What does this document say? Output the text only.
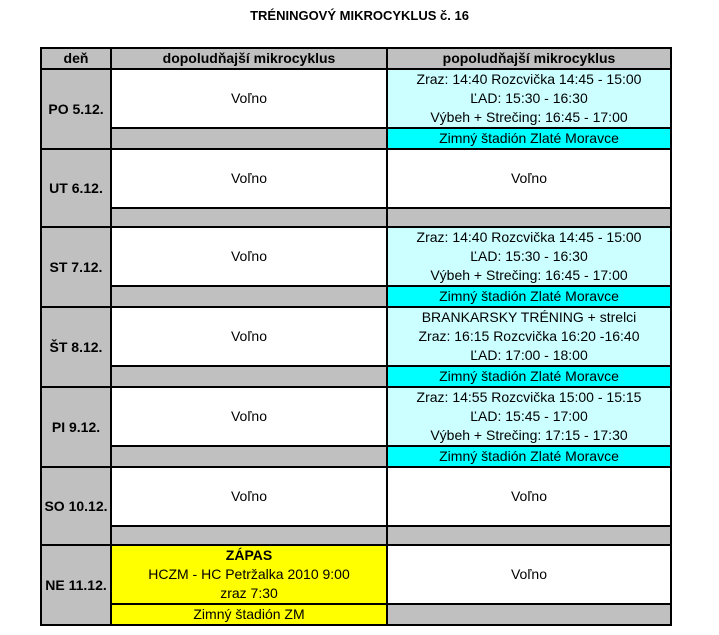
TRÉNINGOVÝ MIKROCYKLUS č. 16
deň	dopoludňajší mikrocyklus	popoludňajší mikrocyklus
PO 5.12.	Voľno	Zraz: 14:40 Rozcvička 14:45 - 15:00
ĽAD: 15:30 - 16:30
Výbeh + Strečing: 16:45 - 17:00

		Zimný štadión Zlaté Moravce
UT 6.12.	Voľno	Voľno

ST 7.12.	Voľno	Zraz: 14:40 Rozcvička 14:45 - 15:00
ĽAD: 15:30 - 16:30
Výbeh + Strečing: 16:45 - 17:00

		Zimný štadión Zlaté Moravce
ŠT 8.12.	Voľno	BRANKARSKY TRÉNING + strelci
Zraz: 16:15 Rozcvička 16:20 -16:40
ĽAD: 17:00 - 18:00

		Zimný štadión Zlaté Moravce
PI 9.12.	Voľno	Zraz: 14:55 Rozcvička 15:00 - 15:15
ĽAD: 15:45 - 17:00
Výbeh + Strečing: 17:15 - 17:30

		Zimný štadión Zlaté Moravce
SO 10.12.	Voľno	Voľno

NE 11.12.	ZÁPAS
HCZM - HC Petržalka 2010 9:00
zraz 7:30	Voľno
	Zimný štadión ZM	
